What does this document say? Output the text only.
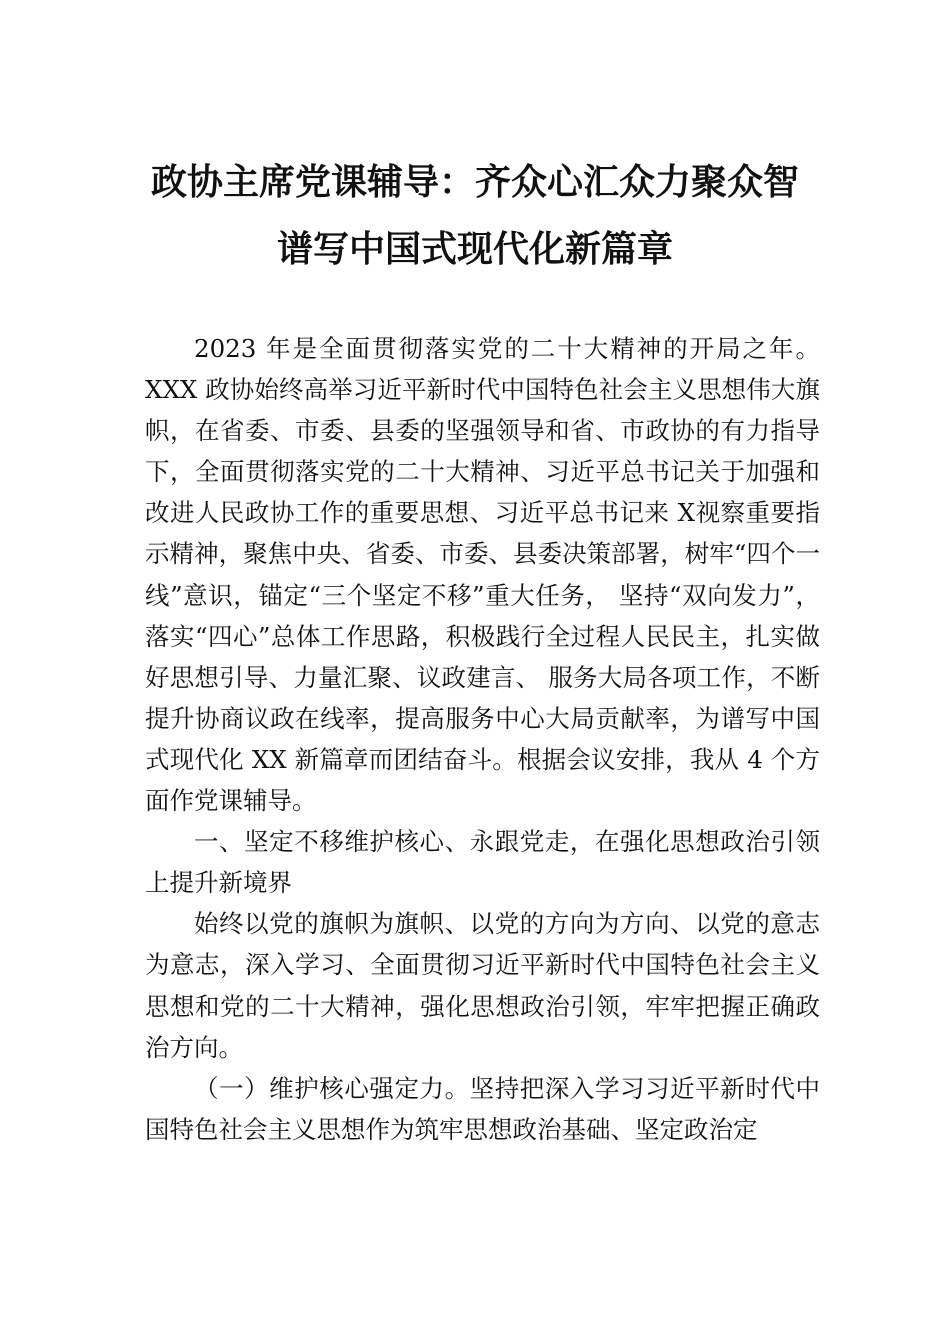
政协主席党课辅导：齐众心汇众力聚众智
谱写中国式现代化新篇章

2023 年是全面贯彻落实党的二十大精神的开局之年。XXX 政协始终高举习近平新时代中国特色社会主义思想伟大旗帜，在省委、市委、县委的坚强领导和省、市政协的有力指导下，全面贯彻落实党的二十大精神、习近平总书记关于加强和改进人民政协工作的重要思想、习近平总书记来 X视察重要指示精神，聚焦中央、省委、市委、县委决策部署，树牢“四个一线”意识，锚定“三个坚定不移”重大任务， 坚持“双向发力”，落实“四心”总体工作思路，积极践行全过程人民民主，扎实做好思想引导、力量汇聚、议政建言、 服务大局各项工作，不断提升协商议政在线率，提高服务中心大局贡献率，为谱写中国式现代化 XX 新篇章而团结奋斗。根据会议安排，我从 4 个方面作党课辅导。

一、坚定不移维护核心、永跟党走，在强化思想政治引领上提升新境界

始终以党的旗帜为旗帜、以党的方向为方向、以党的意志为意志，深入学习、全面贯彻习近平新时代中国特色社会主义思想和党的二十大精神，强化思想政治引领，牢牢把握正确政治方向。

（一）维护核心强定力。坚持把深入学习习近平新时代中国特色社会主义思想作为筑牢思想政治基础、坚定政治定
